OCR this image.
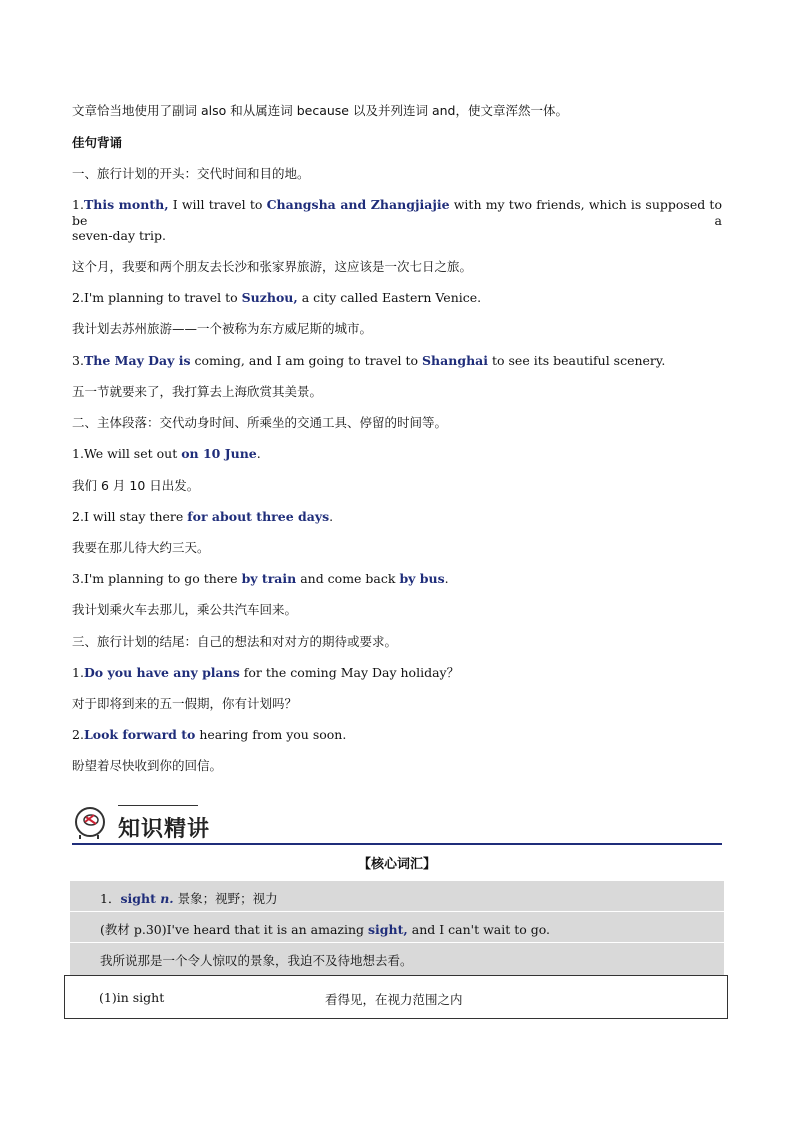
文章恰当地使用了副词 also 和从属连词 because 以及并列连词 and，使文章浑然一体。
佳句背诵
一、旅行计划的开头：交代时间和目的地。
1.This month, I will travel to Changsha and Zhangjiajie with my two friends, which is supposed to be a
seven-day trip.
这个月，我要和两个朋友去长沙和张家界旅游，这应该是一次七日之旅。
2.I'm planning to travel to Suzhou, a city called Eastern Venice.
我计划去苏州旅游——一个被称为东方威尼斯的城市。
3.The May Day is coming, and I am going to travel to Shanghai to see its beautiful scenery.
五一节就要来了，我打算去上海欣赏其美景。
二、主体段落：交代动身时间、所乘坐的交通工具、停留的时间等。
1.We will set out on 10 June.
我们 6 月 10 日出发。
2.I will stay there for about three days.
我要在那儿待大约三天。
3.I'm planning to go there by train and come back by bus.
我计划乘火车去那儿，乘公共汽车回来。
三、旅行计划的结尾：自己的想法和对对方的期待或要求。
1.Do you have any plans for the coming May Day holiday？
对于即将到来的五一假期，你有计划吗？
2.Look forward to hearing from you soon.
盼望着尽快收到你的回信。
知识精讲
【核心词汇】
1．sight n. 景象；视野；视力
(教材 p.30)I've heard that it is an amazing sight, and I can't wait to go.
我所说那是一个令人惊叹的景象，我迫不及待地想去看。
(1)in sight	看得见，在视力范围之内
